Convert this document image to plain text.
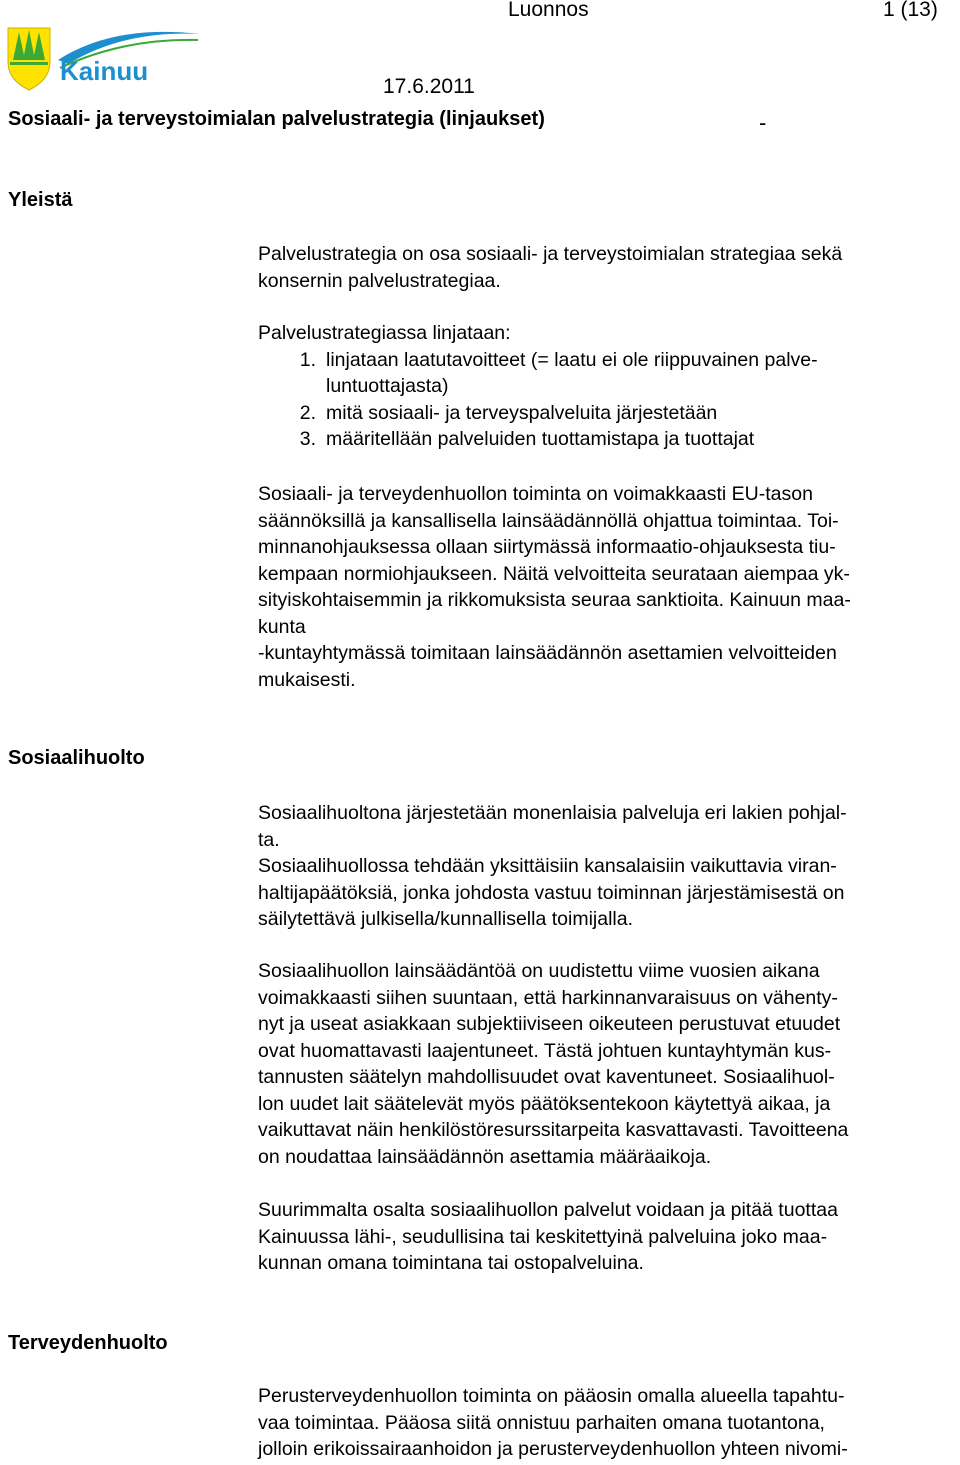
Kainuu
Luonnos	1 (13)
17.6.2011
Sosiaali- ja terveystoimialan palvelustrategia (linjaukset)	-
Yleistä
Palvelustrategia on osa sosiaali- ja terveystoimialan strategiaa sekä
konsernin palvelustrategiaa.
Palvelustrategiassa linjataan:
1. linjataan laatutavoitteet (= laatu ei ole riippuvainen palve-
luntuottajasta)
2. mitä sosiaali- ja terveyspalveluita järjestetään
3. määritellään palveluiden tuottamistapa ja tuottajat
Sosiaali- ja terveydenhuollon toiminta on voimakkaasti EU-tason
säännöksillä ja kansallisella lainsäädännöllä ohjattua toimintaa. Toi-
minnanohjauksessa ollaan siirtymässä informaatio-ohjauksesta tiu-
kempaan normiohjaukseen. Näitä velvoitteita seurataan aiempaa yk-
sityiskohtaisemmin ja rikkomuksista seuraa sanktioita. Kainuun maa-
kunta
-kuntayhtymässä toimitaan lainsäädännön asettamien velvoitteiden
mukaisesti.
Sosiaalihuolto
Sosiaalihuoltona järjestetään monenlaisia palveluja eri lakien pohjal-
ta.
Sosiaalihuollossa tehdään yksittäisiin kansalaisiin vaikuttavia viran-
haltijapäätöksiä, jonka johdosta vastuu toiminnan järjestämisestä on
säilytettävä julkisella/kunnallisella toimijalla.
Sosiaalihuollon lainsäädäntöä on uudistettu viime vuosien aikana
voimakkaasti siihen suuntaan, että harkinnanvaraisuus on vähenty-
nyt ja useat asiakkaan subjektiiviseen oikeuteen perustuvat etuudet
ovat huomattavasti laajentuneet. Tästä johtuen kuntayhtymän kus-
tannusten säätelyn mahdollisuudet ovat kaventuneet. Sosiaalihuol-
lon uudet lait säätelevät myös päätöksentekoon käytettyä aikaa, ja
vaikuttavat näin henkilöstöresurssitarpeita kasvattavasti. Tavoitteena
on noudattaa lainsäädännön asettamia määräaikoja.
Suurimmalta osalta sosiaalihuollon palvelut voidaan ja pitää tuottaa
Kainuussa lähi-, seudullisina tai keskitettyinä palveluina joko maa-
kunnan omana toimintana tai ostopalveluina.
Terveydenhuolto
Perusterveydenhuollon toiminta on pääosin omalla alueella tapahtu-
vaa toimintaa. Pääosa siitä onnistuu parhaiten omana tuotantona,
jolloin erikoissairaanhoidon ja perusterveydenhuollon yhteen nivomi-
